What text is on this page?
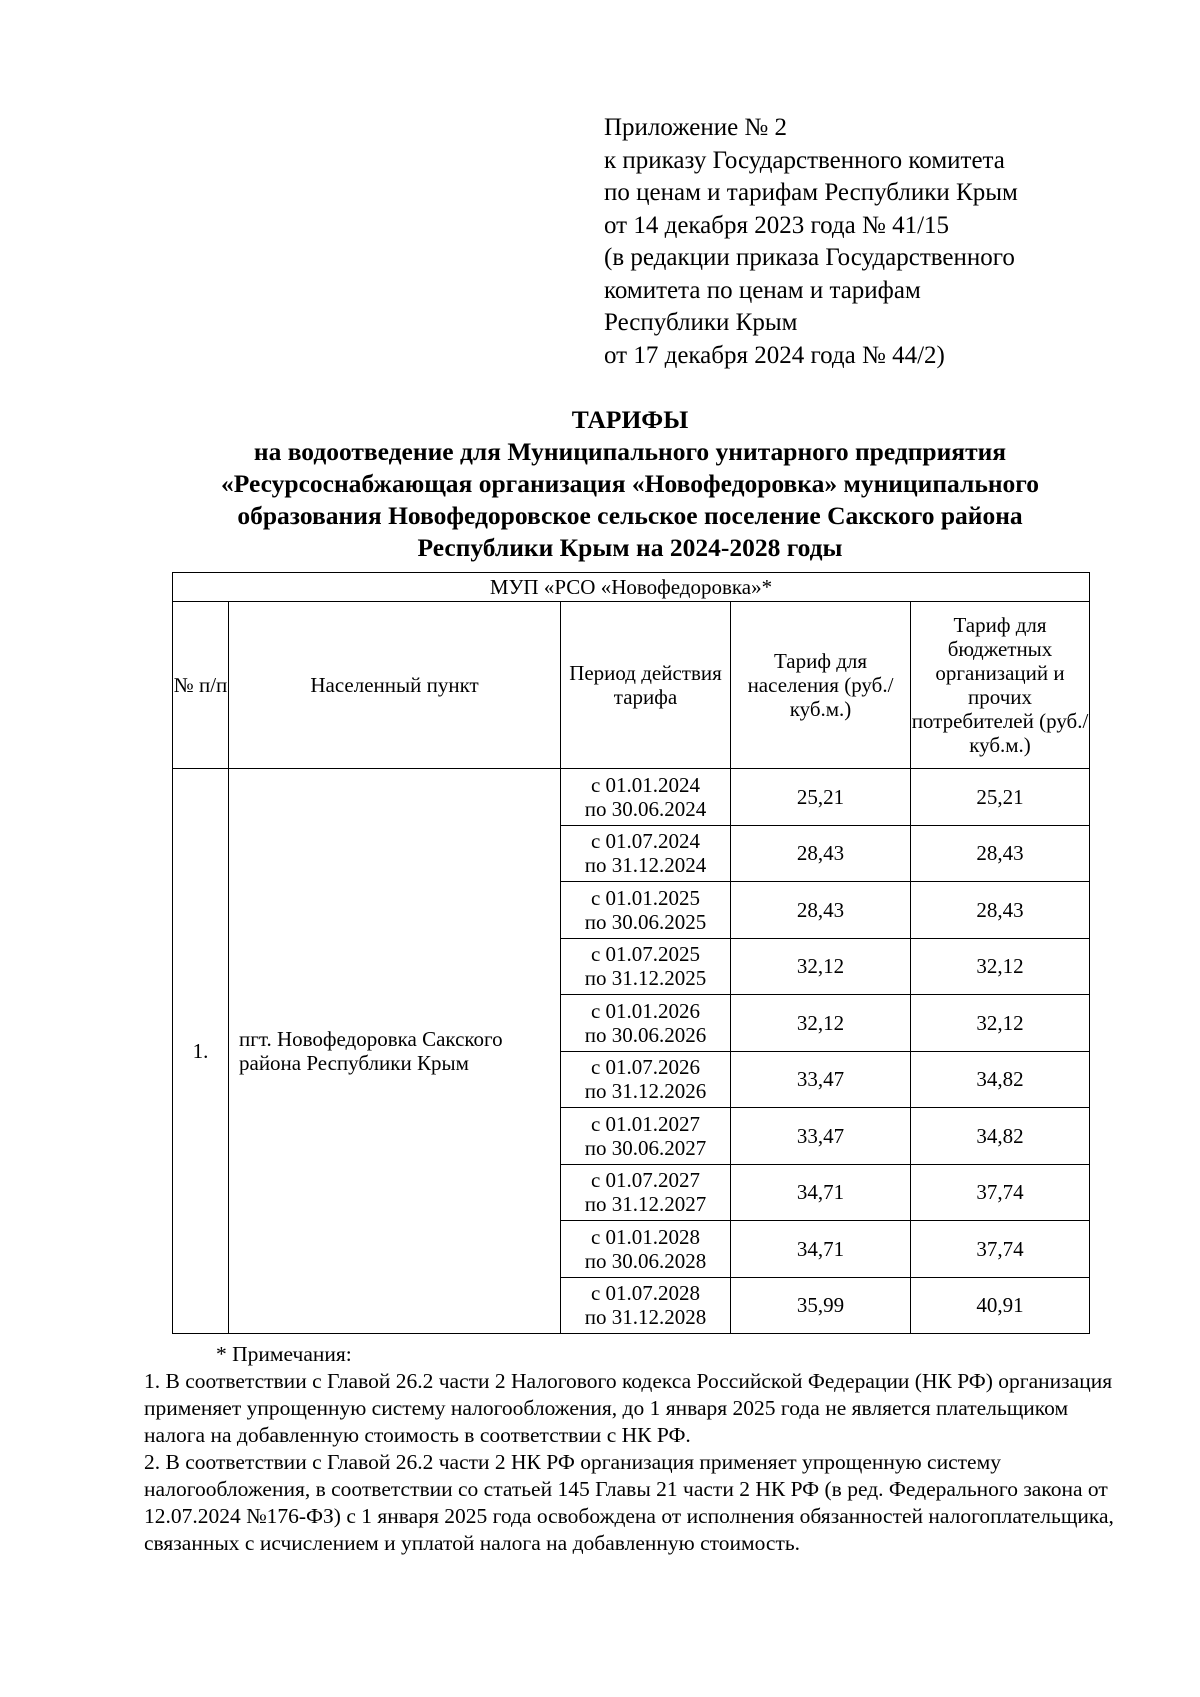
Приложение № 2
к приказу Государственного комитета
по ценам и тарифам Республики Крым
от 14 декабря 2023 года № 41/15
(в редакции приказа Государственного
комитета по ценам и тарифам
Республики Крым
от 17 декабря 2024 года № 44/2)
ТАРИФЫ
на водоотведение для Муниципального унитарного предприятия
«Ресурсоснабжающая организация «Новофедоровка» муниципального
образования Новофедоровское сельское поселение Сакского района
Республики Крым на 2024-2028 годы
МУП «РСО «Новофедоровка»*				
№ п/п	Населенный пункт	Период действия тарифа	Тариф для населения (руб./куб.м.)	Тариф для бюджетных организаций и прочих потребителей (руб./куб.м.)
1.	пгт. Новофедоровка Сакского района Республики Крым	с 01.01.2024
по 30.06.2024	25,21	25,21

		с 01.07.2024
по 31.12.2024	28,43	28,43

		с 01.01.2025
по 30.06.2025	28,43	28,43

		с 01.07.2025
по 31.12.2025	32,12	32,12

		с 01.01.2026
по 30.06.2026	32,12	32,12

		с 01.07.2026
по 31.12.2026	33,47	34,82

		с 01.01.2027
по 30.06.2027	33,47	34,82

		с 01.07.2027
по 31.12.2027	34,71	37,74

		с 01.01.2028
по 30.06.2028	34,71	37,74

		с 01.07.2028
по 31.12.2028	35,99	40,91

* Примечания:

1. В соответствии с Главой 26.2 части 2 Налогового кодекса Российской Федерации (НК РФ) организация применяет упрощенную систему налогообложения, до 1 января 2025 года не является плательщиком налога на добавленную стоимость в соответствии с НК РФ.

2. В соответствии с Главой 26.2 части 2 НК РФ организация применяет упрощенную систему налогообложения, в соответствии со статьей 145 Главы 21 части 2 НК РФ (в ред. Федерального закона от 12.07.2024 №176-ФЗ) с 1 января 2025 года освобождена от исполнения обязанностей налогоплательщика, связанных с исчислением и уплатой налога на добавленную стоимость.
